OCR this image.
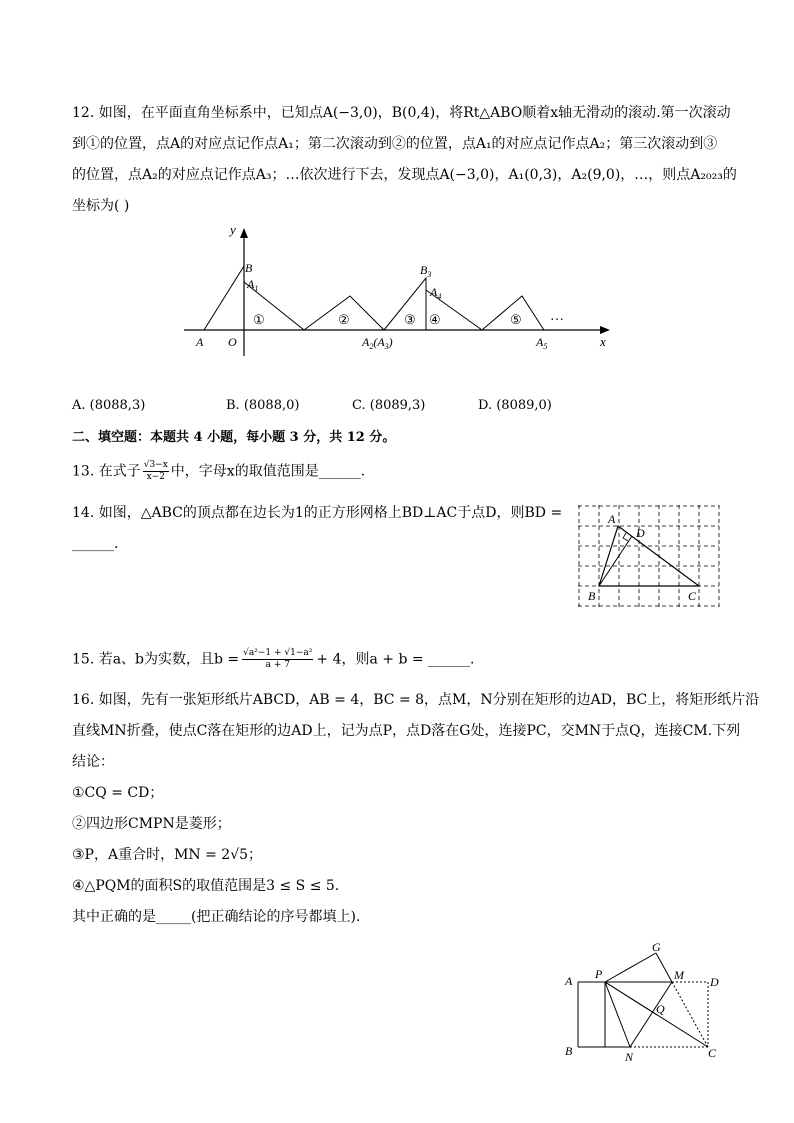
12. 如图，在平面直角坐标系中，已知点A(−3,0)，B(0,4)，将Rt△ABO顺着x轴无滑动的滚动.第一次滚动
到①的位置，点A的对应点记作点A₁；第二次滚动到②的位置，点A₁的对应点记作点A₂；第三次滚动到③
的位置，点A₂的对应点记作点A₃；…依次进行下去，发现点A(−3,0)，A₁(0,3)，A₂(9,0)，…，则点A₂₀₂₃的
坐标为( )
y
x
O
A
B
$A_1$
$B_3$
$A_4$
$A_2(A_3)$	$A_5$
①	②	③ ④	⑤ …
A. (8088,3)	B. (8088,0)	C. (8089,3)	D. (8089,0)
二、填空题：本题共 4 小题，每小题 3 分，共 12 分。
13. 在式子 $\frac{√3-x}{x-2}$ 中，字母x的取值范围是______.
14. 如图，△ABC的顶点都在边长为1的正方形网格上BD⊥AC于点D，则BD =
______.
A
D
B	C
15. 若a、b为实数，且$b = \frac{\text{√a²−1 + √1−a²}}{a + 7} + 4$，则a + b = ______.
16. 如图，先有一张矩形纸片ABCD，AB = 4，BC = 8，点M，N分别在矩形的边AD，BC上，将矩形纸片沿
直线MN折叠，使点C落在矩形的边AD上，记为点P，点D落在G处，连接PC，交MN于点Q，连接CM.下列
结论：
①CQ = CD；
②四边形CMPN是菱形；
③P，A重合时，MN = 2√5；
④△PQM的面积S的取值范围是3 ≤ S ≤ 5.
其中正确的是_____(把正确结论的序号都填上).
A
B
P
G
M D
Q
N	C
